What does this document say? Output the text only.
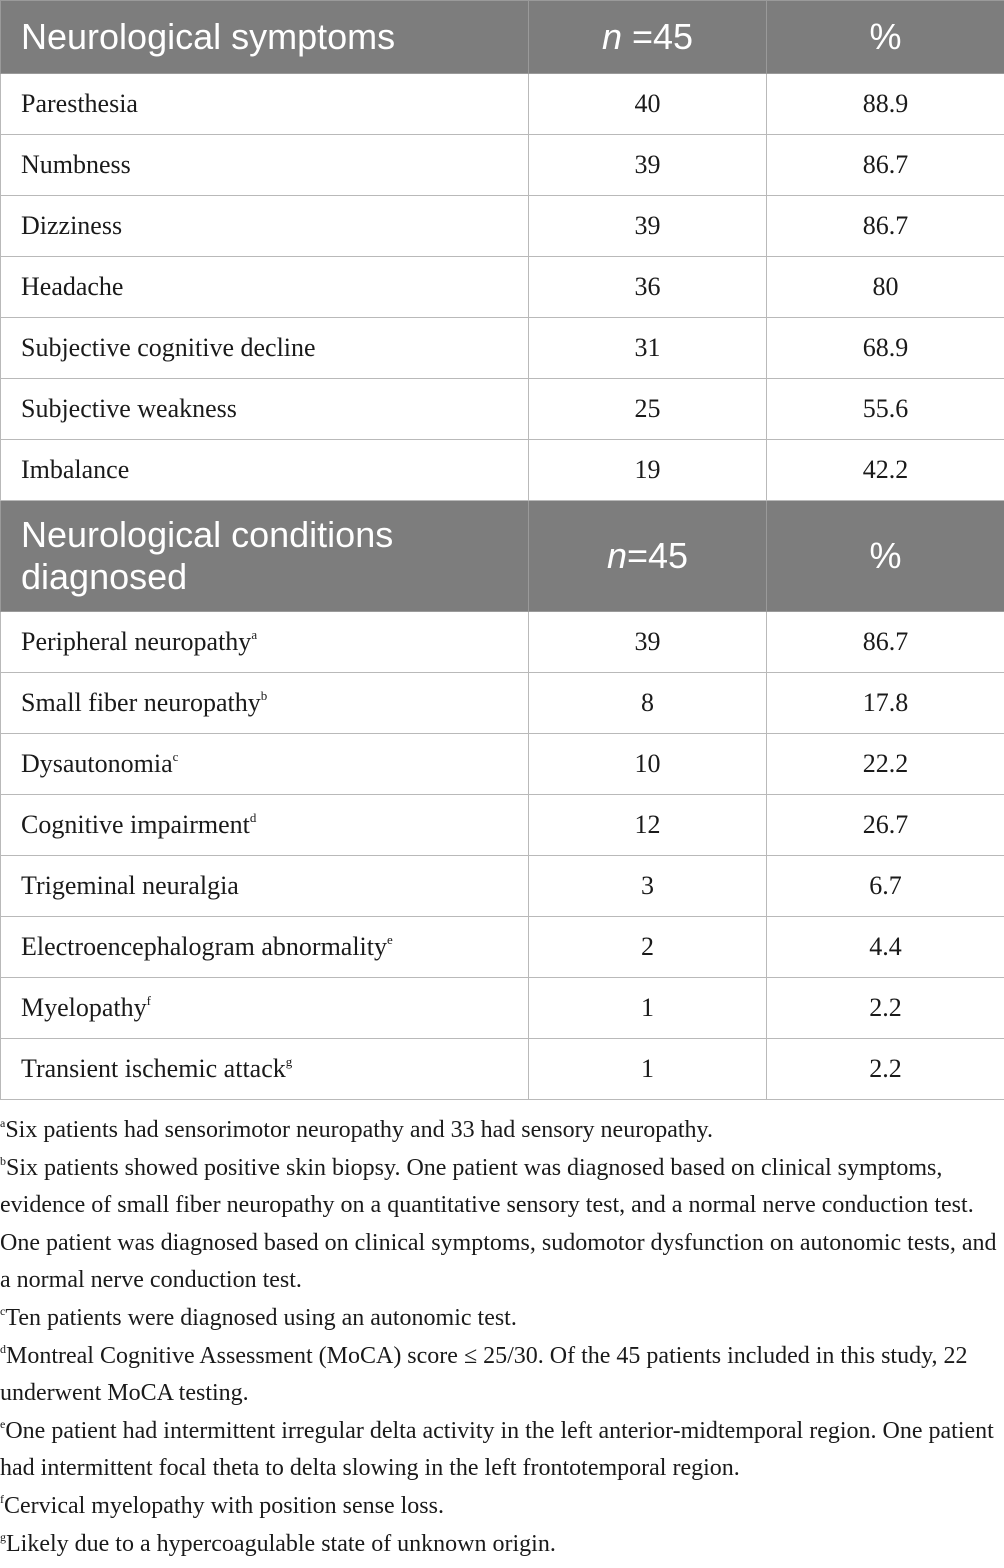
Neurological symptoms	n =45	%
Paresthesia	40	88.9
Numbness	39	86.7
Dizziness	39	86.7
Headache	36	80
Subjective cognitive decline	31	68.9
Subjective weakness	25	55.6
Imbalance	19	42.2
Neurological conditions
diagnosed	n=45	%
Peripheral neuropathy$^a$	39	86.7
Small fiber neuropathy$^b$	8	17.8
Dysautonomia$^c$	10	22.2
Cognitive impairment$^d$	12	26.7
Trigeminal neuralgia	3	6.7
Electroencephalogram abnormality$^e$	2	4.4
Myelopathy$^f$	1	2.2
Transient ischemic attack$^g$	1	2.2

$^a$Six patients had sensorimotor neuropathy and 33 had sensory neuropathy.

$^b$Six patients showed positive skin biopsy. One patient was diagnosed based on clinical symptoms, evidence of small fiber neuropathy on a quantitative sensory test, and a normal nerve conduction test. One patient was diagnosed based on clinical symptoms, sudomotor dysfunction on autonomic tests, and a normal nerve conduction test.

$^c$Ten patients were diagnosed using an autonomic test.

$^d$Montreal Cognitive Assessment (MoCA) score ≤ 25/30. Of the 45 patients included in this study, 22 underwent MoCA testing.

$^e$One patient had intermittent irregular delta activity in the left anterior-midtemporal region. One patient had intermittent focal theta to delta slowing in the left frontotemporal region.

$^f$Cervical myelopathy with position sense loss.

$^g$Likely due to a hypercoagulable state of unknown origin.
